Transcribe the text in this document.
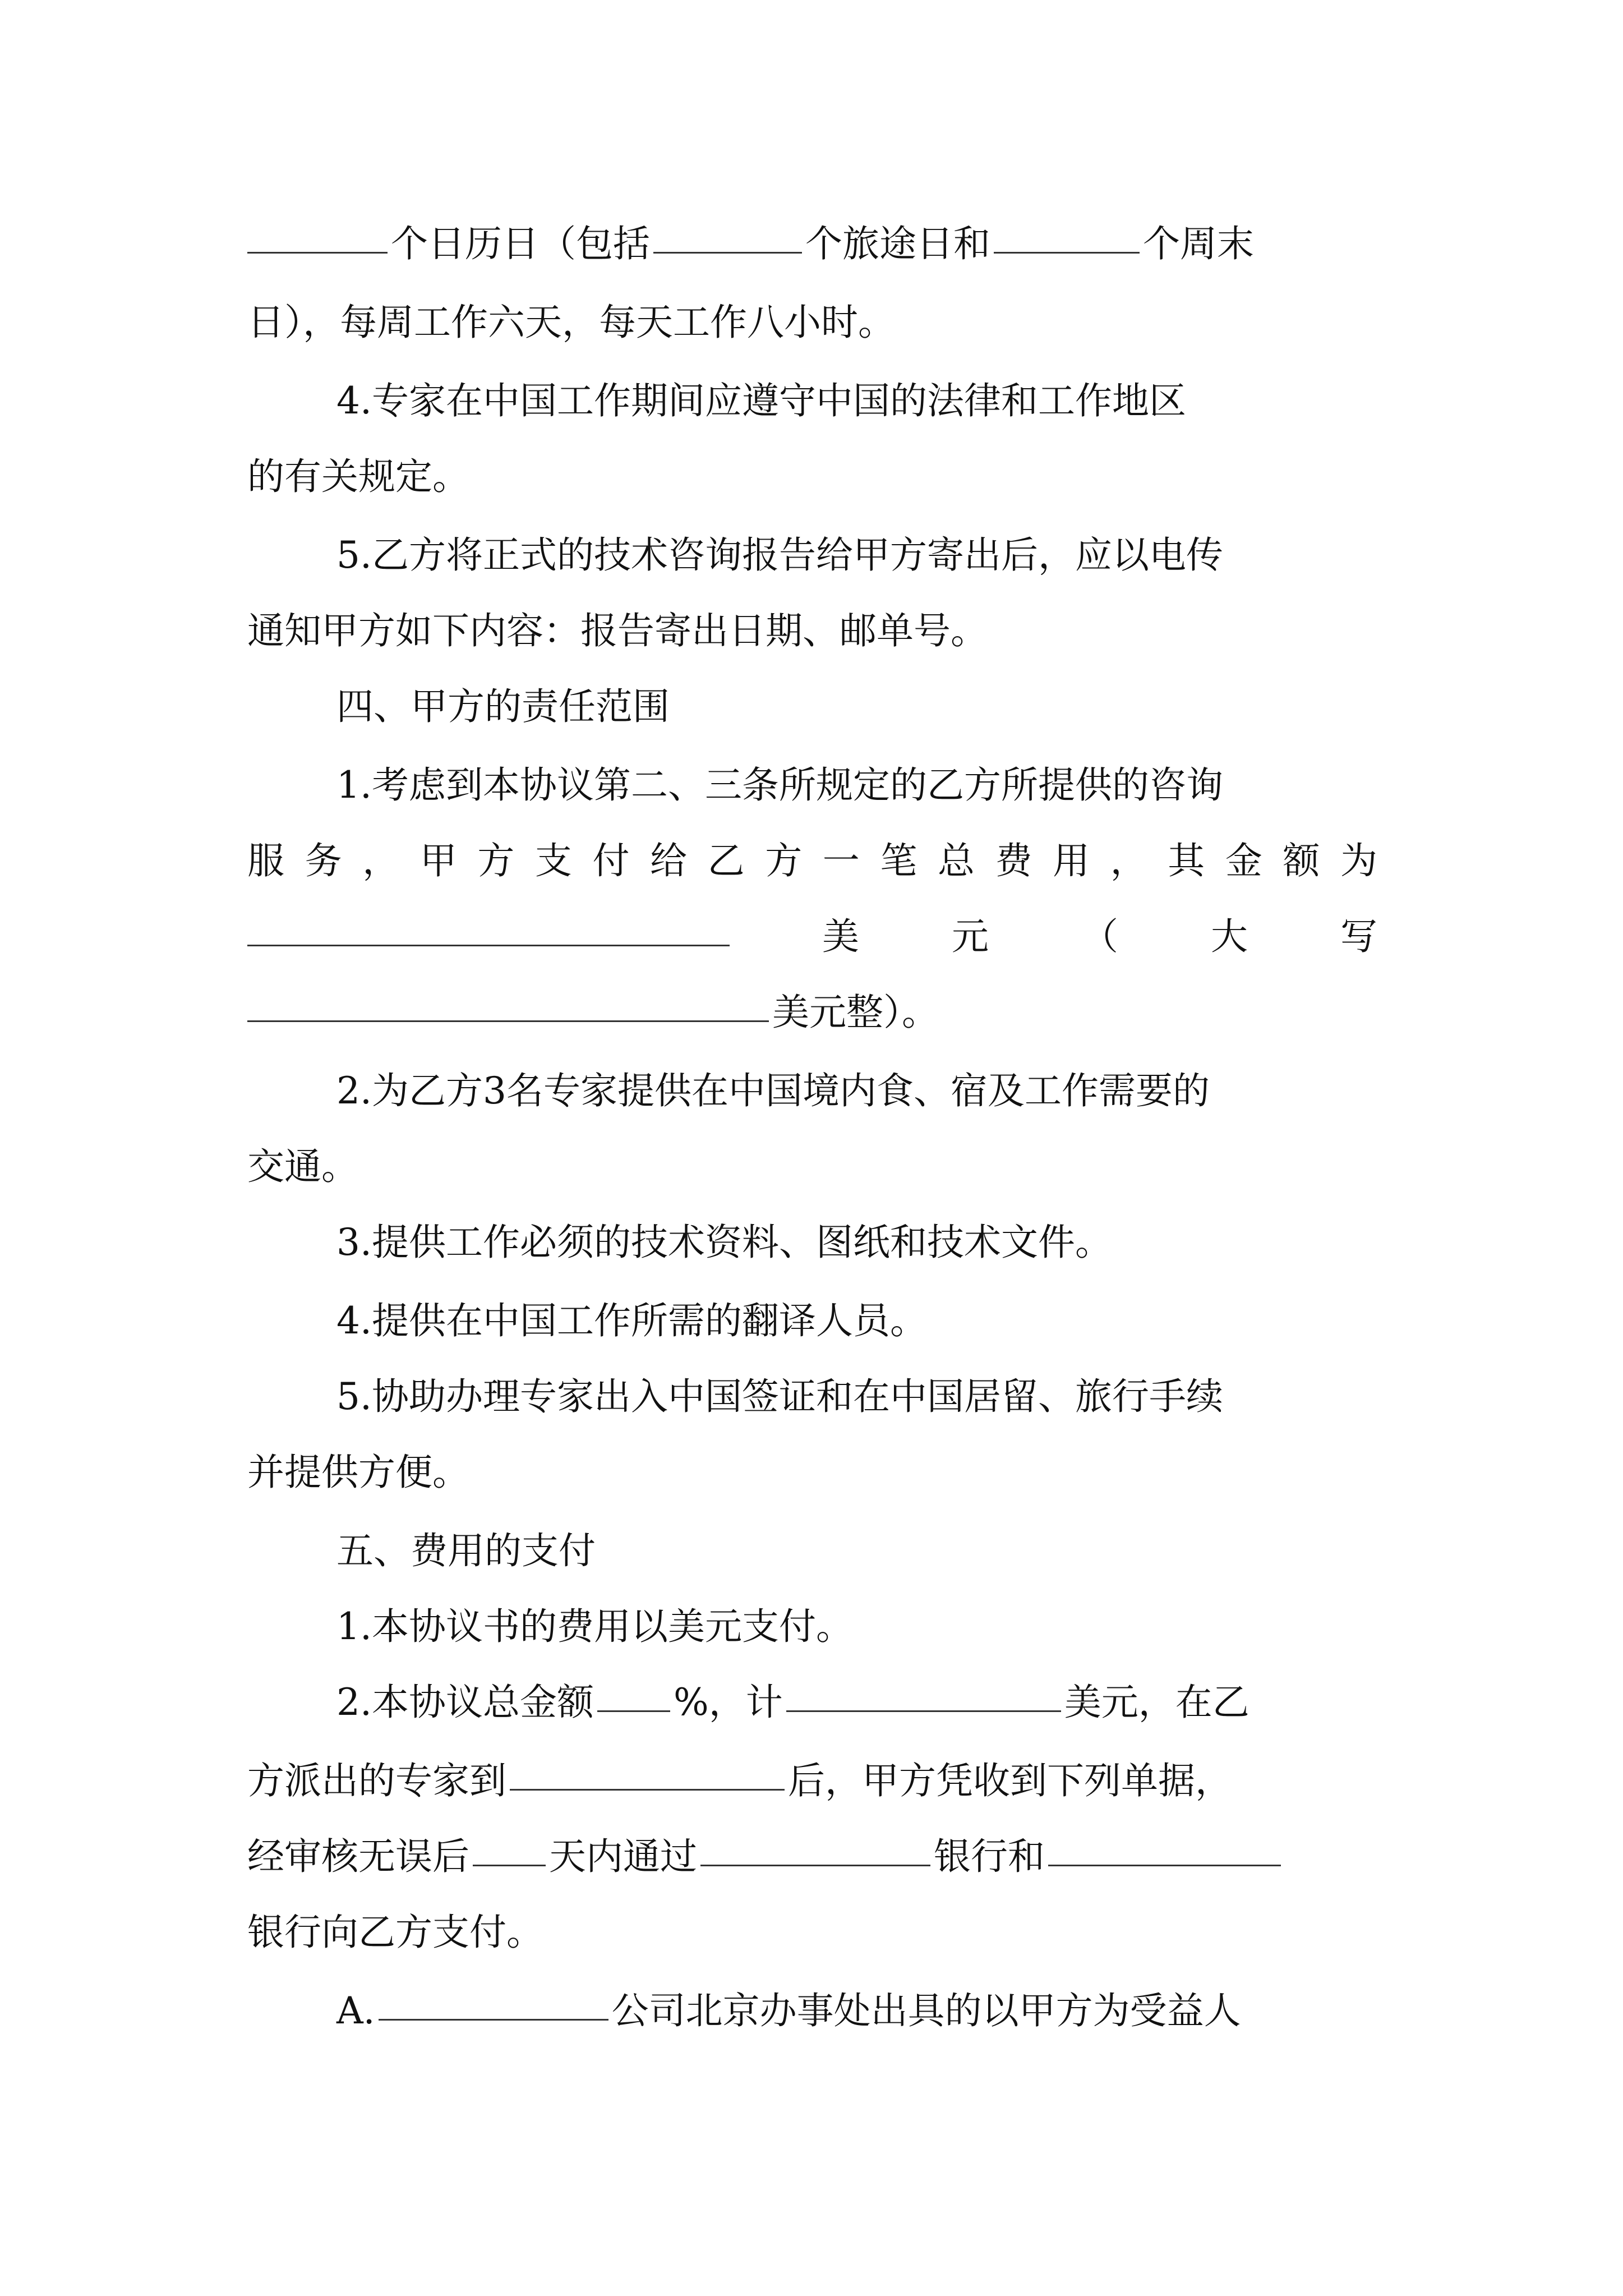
个日历日（包括	个旅途日和	个周末
日），每周工作六天，每天工作八小时。
4.专家在中国工作期间应遵守中国的法律和工作地区
的有关规定。
5.乙方将正式的技术咨询报告给甲方寄出后，应以电传
通知甲方如下内容：报告寄出日期、邮单号。
四、甲方的责任范围
1.考虑到本协议第二、三条所规定的乙方所提供的咨询
服 务 ， 甲 方 支 付 给 乙 方 一 笔 总 费 用 ， 其 金 额 为
美	元	（	大	写
美元整）。
2.为乙方3名专家提供在中国境内食、宿及工作需要的
交通。
3.提供工作必须的技术资料、图纸和技术文件。
4.提供在中国工作所需的翻译人员。
5.协助办理专家出入中国签证和在中国居留、旅行手续
并提供方便。
五、费用的支付
1.本协议书的费用以美元支付。
2.本协议总金额 %，计	美元，在乙
方派出的专家到	后，甲方凭收到下列单据，
经审核无误后 天内通过	银行和
银行向乙方支付。
A.	公司北京办事处出具的以甲方为受益人
